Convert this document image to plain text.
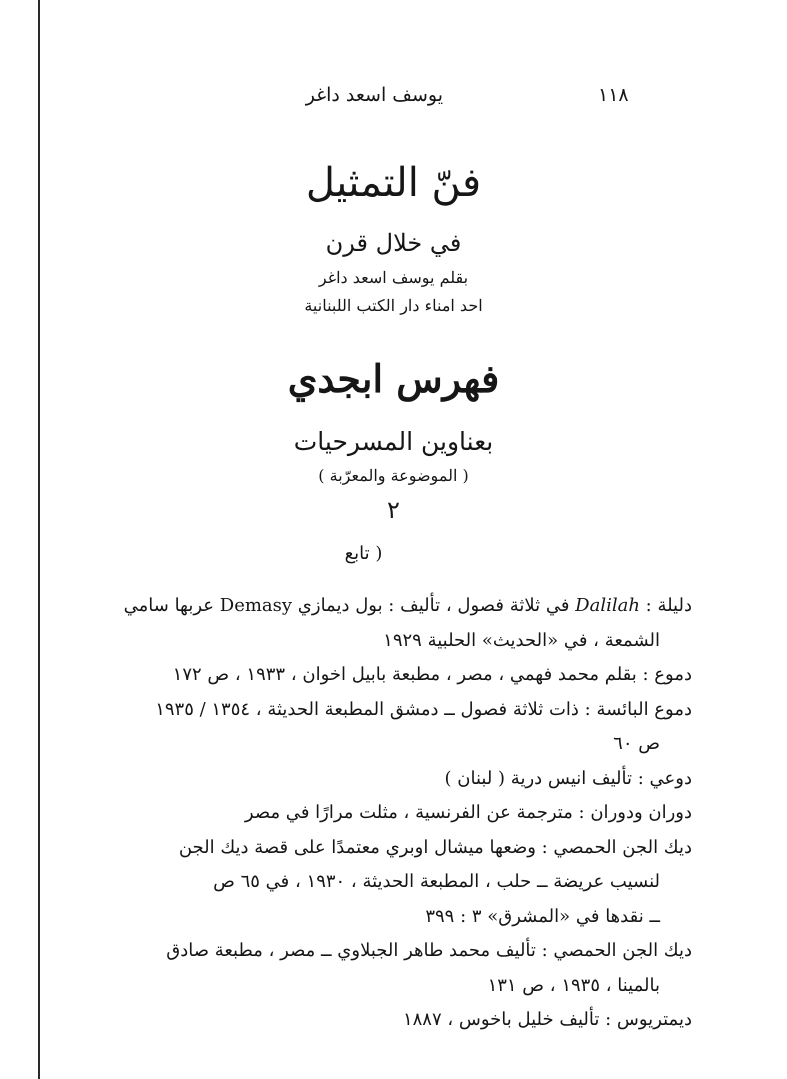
يوسف اسعد داغر	١١٨
فنّ التمثيل
في خلال قرن
بقلم يوسف اسعد داغر
احد امناء دار الكتب اللبنانية
فهرس ابجدي
بعناوين المسرحيات
( الموضوعة والمعرّبة )
٢
( تابع
دليلة : Dalilah في ثلاثة فصول ، تأليف : بول ديمازي Demasy عربها سامي
الشمعة ، في «الحديث» الحلبية ١٩٢٩
دموع : بقلم محمد فهمي ، مصر ، مطبعة بابيل اخوان ، ١٩٣٣ ، ص ١٧٢
دموع البائسة : ذات ثلاثة فصول ــ دمشق المطبعة الحديثة ، ١٣٥٤ / ١٩٣٥
ص ٦٠
دوعي : تأليف انيس درية ( لبنان )
دوران ودوران : مترجمة عن الفرنسية ، مثلت مرارًا في مصر
ديك الجن الحمصي : وضعها ميشال اوبري معتمدًا على قصة ديك الجن
لنسيب عريضة ــ حلب ، المطبعة الحديثة ، ١٩٣٠ ، في ٦٥ ص
ــ نقدها في «المشرق» ٣ : ٣٩٩
ديك الجن الحمصي : تأليف محمد طاهر الجبلاوي ــ مصر ، مطبعة صادق
بالمينا ، ١٩٣٥ ، ص ١٣١
ديمتريوس : تأليف خليل باخوس ، ١٨٨٧
